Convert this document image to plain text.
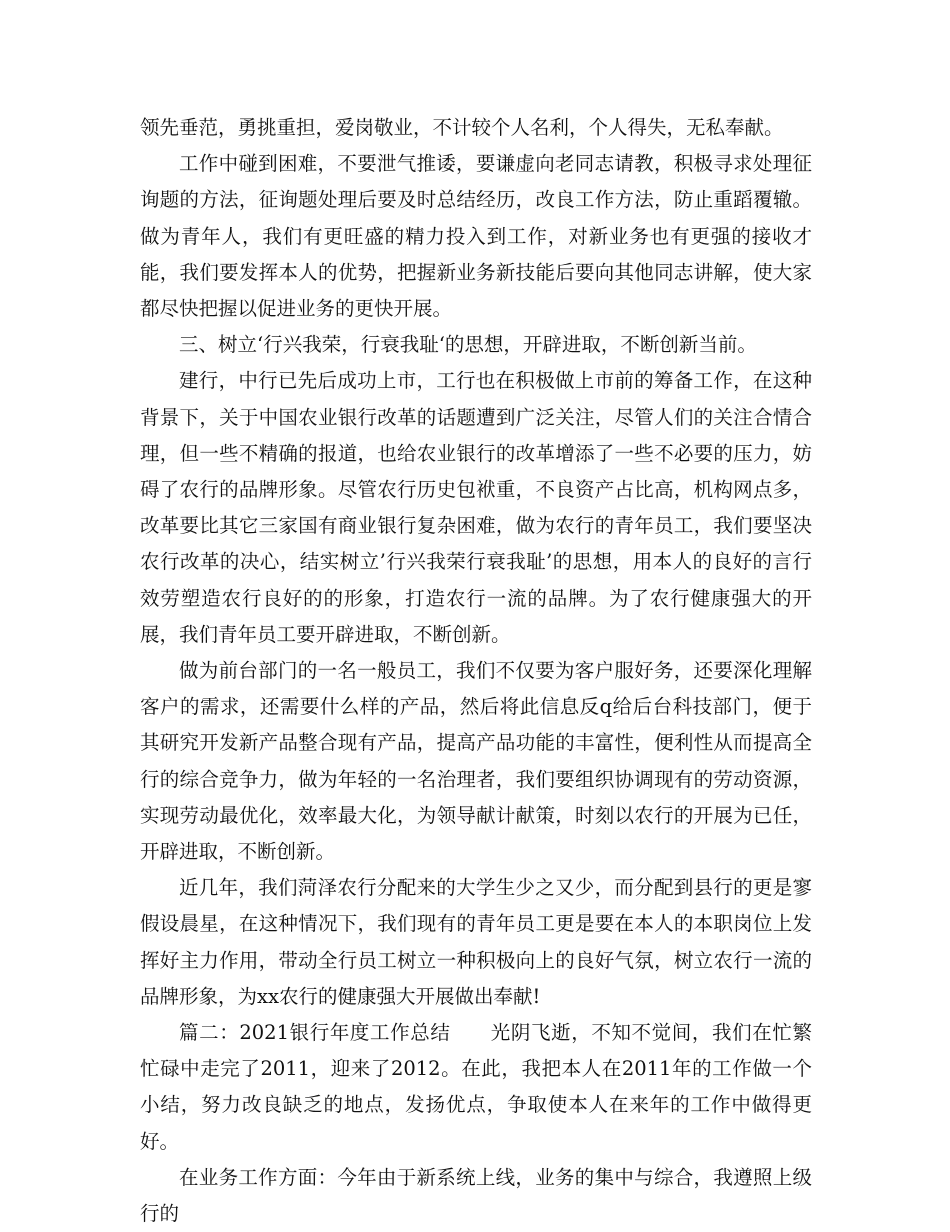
领先垂范，勇挑重担，爱岗敬业，不计较个人名利，个人得失，无私奉献。

工作中碰到困难，不要泄气推诿，要谦虚向老同志请教，积极寻求处理征询题的方法，征询题处理后要及时总结经历，改良工作方法，防止重蹈覆辙。做为青年人，我们有更旺盛的精力投入到工作，对新业务也有更强的接收才能，我们要发挥本人的优势，把握新业务新技能后要向其他同志讲解，使大家都尽快把握以促进业务的更快开展。

三、树立‘行兴我荣，行衰我耻‘的思想，开辟进取，不断创新当前。

建行，中行已先后成功上市，工行也在积极做上市前的筹备工作，在这种背景下，关于中国农业银行改革的话题遭到广泛关注，尽管人们的关注合情合理，但一些不精确的报道，也给农业银行的改革增添了一些不必要的压力，妨碍了农行的品牌形象。尽管农行历史包袱重，不良资产占比高，机构网点多，改革要比其它三家国有商业银行复杂困难，做为农行的青年员工，我们要坚决农行改革的决心，结实树立’行兴我荣行衰我耻’的思想，用本人的良好的言行效劳塑造农行良好的的形象，打造农行一流的品牌。为了农行健康强大的开展，我们青年员工要开辟进取，不断创新。

做为前台部门的一名一般员工，我们不仅要为客户服好务，还要深化理解客户的需求，还需要什么样的产品，然后将此信息反q给后台科技部门，便于其研究开发新产品整合现有产品，提高产品功能的丰富性，便利性从而提高全行的综合竞争力，做为年轻的一名治理者，我们要组织协调现有的劳动资源，实现劳动最优化，效率最大化，为领导献计献策，时刻以农行的开展为已任，开辟进取，不断创新。

近几年，我们菏泽农行分配来的大学生少之又少，而分配到县行的更是寥假设晨星，在这种情况下，我们现有的青年员工更是要在本人的本职岗位上发挥好主力作用，带动全行员工树立一种积极向上的良好气氛，树立农行一流的品牌形象，为xx农行的健康强大开展做出奉献!

篇二：2021银行年度工作总结　　光阴飞逝，不知不觉间，我们在忙繁忙碌中走完了2011，迎来了2012。在此，我把本人在2011年的工作做一个小结，努力改良缺乏的地点，发扬优点，争取使本人在来年的工作中做得更好。

在业务工作方面：今年由于新系统上线，业务的集中与综合，我遵照上级行的
